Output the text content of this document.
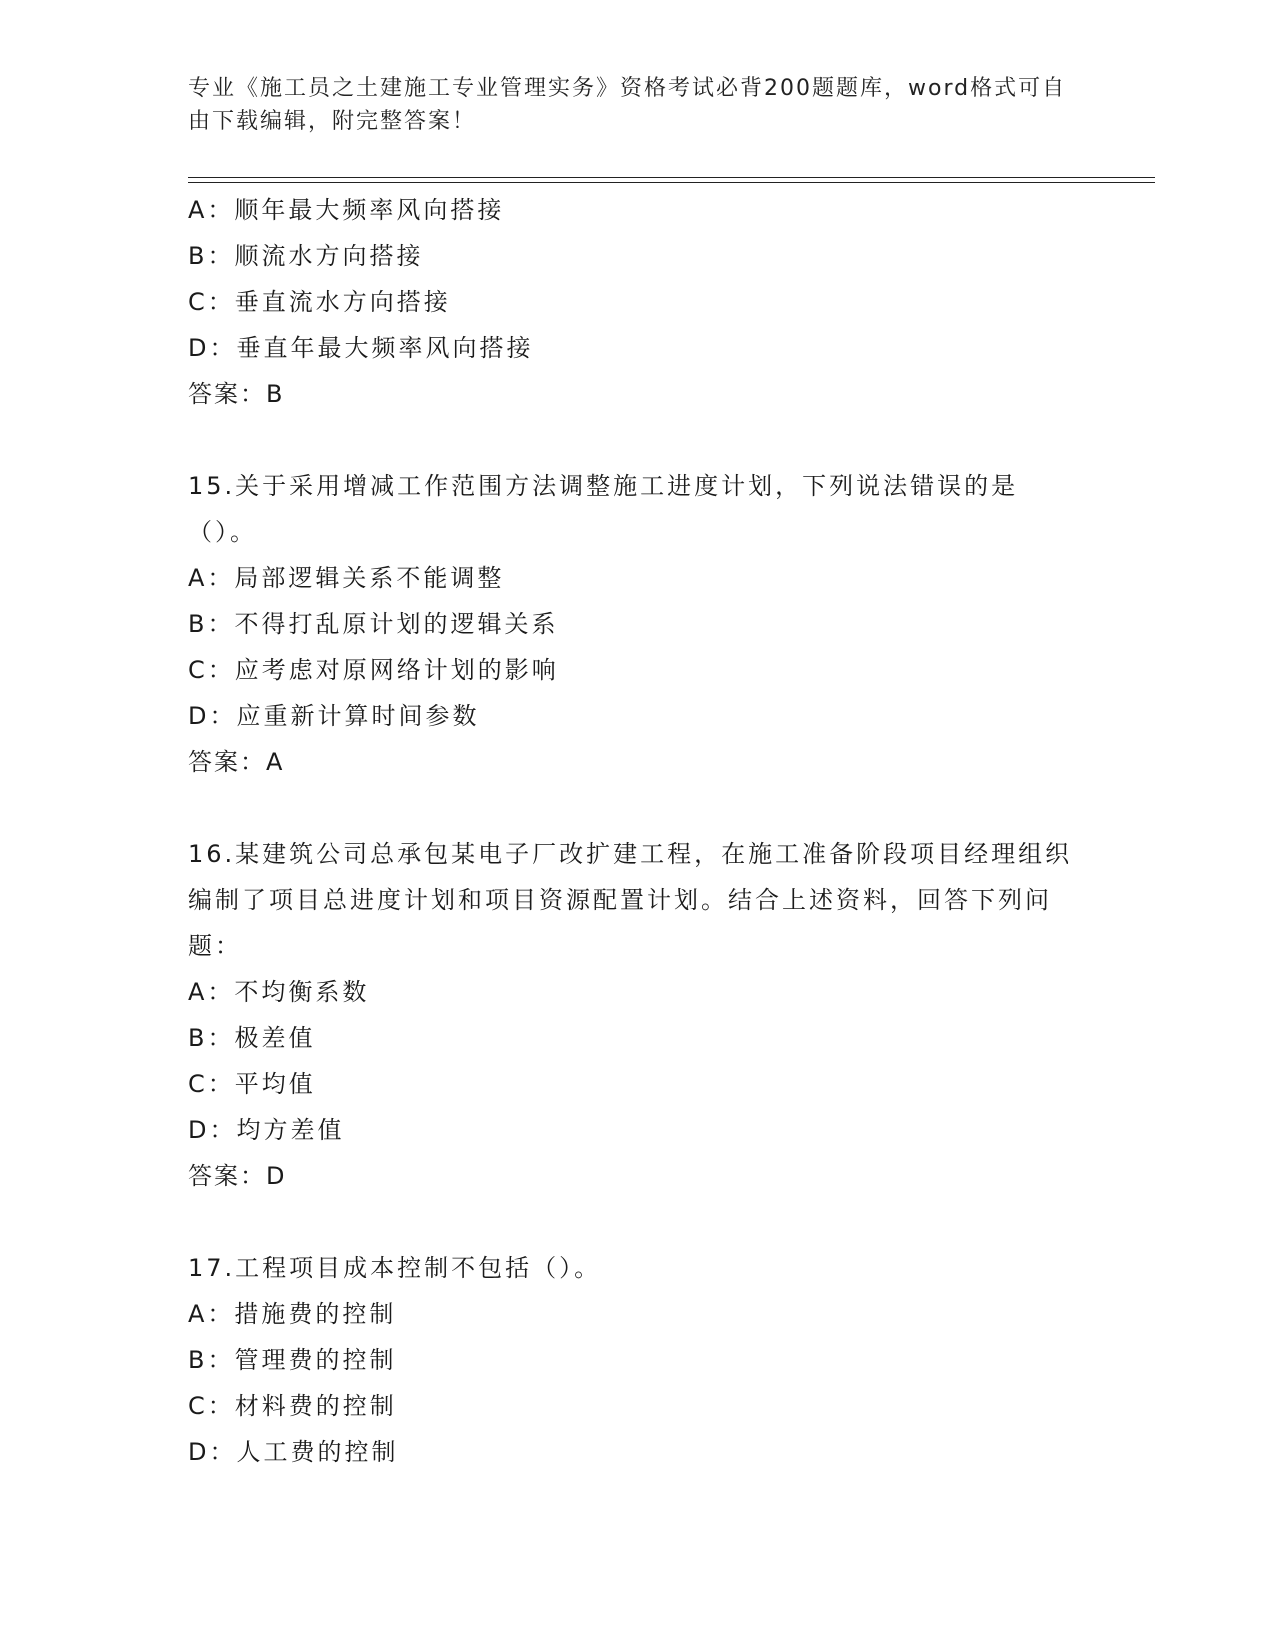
专业《施工员之土建施工专业管理实务》资格考试必背200题题库，word格式可自由下载编辑，附完整答案！
A：顺年最大频率风向搭接
B：顺流水方向搭接
C：垂直流水方向搭接
D：垂直年最大频率风向搭接
答案：B
15.关于采用增减工作范围方法调整施工进度计划，下列说法错误的是（）。
A：局部逻辑关系不能调整
B：不得打乱原计划的逻辑关系
C：应考虑对原网络计划的影响
D：应重新计算时间参数
答案：A
16.某建筑公司总承包某电子厂改扩建工程，在施工准备阶段项目经理组织编制了项目总进度计划和项目资源配置计划。结合上述资料，回答下列问题：
A：不均衡系数
B：极差值
C：平均值
D：均方差值
答案：D
17.工程项目成本控制不包括（）。
A：措施费的控制
B：管理费的控制
C：材料费的控制
D：人工费的控制
